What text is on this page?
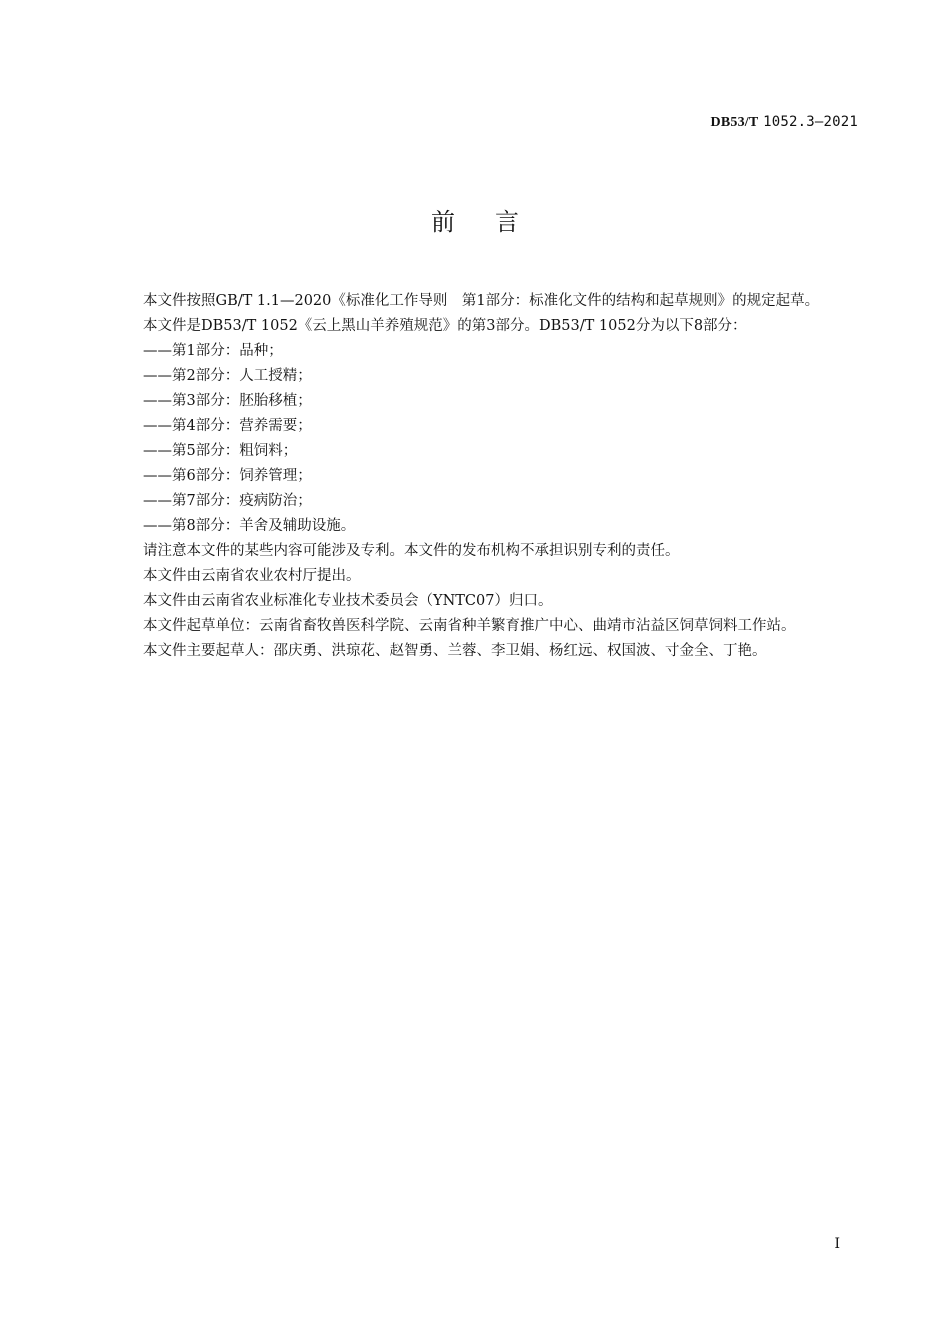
DB53/T 1052.3—2021
前言

本文件按照GB/T 1.1—2020《标准化工作导则　第1部分：标准化文件的结构和起草规则》的规定起草。

本文件是DB53/T 1052《云上黑山羊养殖规范》的第3部分。DB53/T 1052分为以下8部分：

——第1部分：品种；

——第2部分：人工授精；

——第3部分：胚胎移植；

——第4部分：营养需要；

——第5部分：粗饲料；

——第6部分：饲养管理；

——第7部分：疫病防治；

——第8部分：羊舍及辅助设施。

请注意本文件的某些内容可能涉及专利。本文件的发布机构不承担识别专利的责任。

本文件由云南省农业农村厅提出。

本文件由云南省农业标准化专业技术委员会（YNTC07）归口。

本文件起草单位：云南省畜牧兽医科学院、云南省种羊繁育推广中心、曲靖市沾益区饲草饲料工作站。

本文件主要起草人：邵庆勇、洪琼花、赵智勇、兰蓉、李卫娟、杨红远、权国波、寸金全、丁艳。

I
